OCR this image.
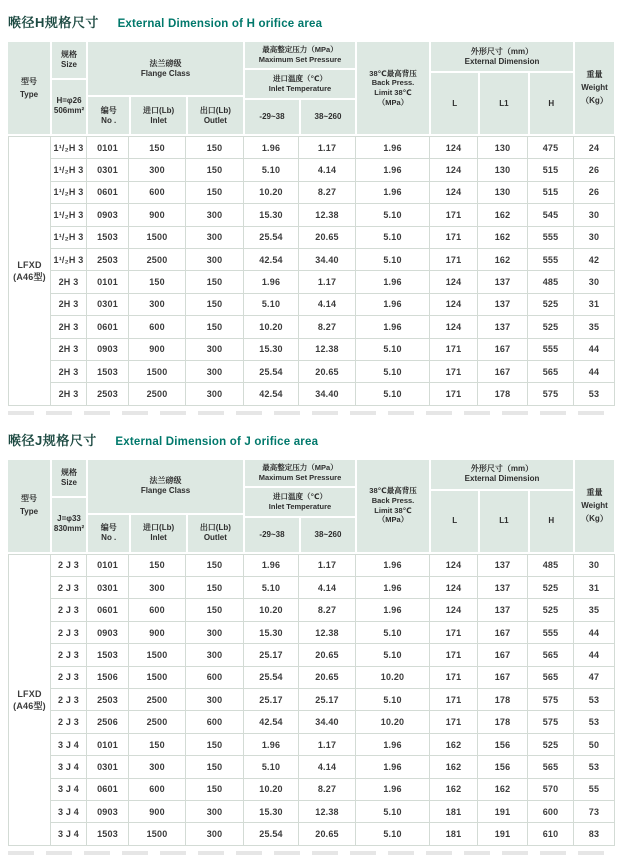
喉径H规格尺寸 External Dimension of H orifice area
型号
Type
规格
Size
H=φ26
506mm²
法兰磅级
Flange Class
编号
No .
进口(Lb)
Inlet
出口(Lb)
Outlet
最高整定压力（MPa）
Maximum Set Pressure
进口温度（℃）
Inlet Temperature
-29~38	38~260
38℃最高背压
Back Press.
Limit 38℃
（MPa）
外形尺寸（mm）
External Dimension
L	L1	H
重量
Weight
（Kg）
LFXD
(A46型)	1¹/₂H 3	0101	150	150	1.96	1.17	1.96	124	130	475	24
	1¹/₂H 3	0301	300	150	5.10	4.14	1.96	124	130	515	26
	1¹/₂H 3	0601	600	150	10.20	8.27	1.96	124	130	515	26
	1¹/₂H 3	0903	900	300	15.30	12.38	5.10	171	162	545	30
	1¹/₂H 3	1503	1500	300	25.54	20.65	5.10	171	162	555	30
	1¹/₂H 3	2503	2500	300	42.54	34.40	5.10	171	162	555	42
	2H 3	0101	150	150	1.96	1.17	1.96	124	137	485	30
	2H 3	0301	300	150	5.10	4.14	1.96	124	137	525	31
	2H 3	0601	600	150	10.20	8.27	1.96	124	137	525	35
	2H 3	0903	900	300	15.30	12.38	5.10	171	167	555	44
	2H 3	1503	1500	300	25.54	20.65	5.10	171	167	565	44
	2H 3	2503	2500	300	42.54	34.40	5.10	171	178	575	53
喉径J规格尺寸 External Dimension of J orifice area
型号
Type
规格
Size
J=φ33
830mm²
法兰磅级
Flange Class
编号
No .
进口(Lb)
Inlet
出口(Lb)
Outlet
最高整定压力（MPa）
Maximum Set Pressure
进口温度（℃）
Inlet Temperature
-29~38	38~260
38℃最高背压
Back Press.
Limit 38℃
（MPa）
外形尺寸（mm）
External Dimension
L	L1	H
重量
Weight
（Kg）
LFXD
(A46型)	2 J 3	0101	150	150	1.96	1.17	1.96	124	137	485	30
	2 J 3	0301	300	150	5.10	4.14	1.96	124	137	525	31
	2 J 3	0601	600	150	10.20	8.27	1.96	124	137	525	35
	2 J 3	0903	900	300	15.30	12.38	5.10	171	167	555	44
	2 J 3	1503	1500	300	25.17	20.65	5.10	171	167	565	44
	2 J 3	1506	1500	600	25.54	20.65	10.20	171	167	565	47
	2 J 3	2503	2500	300	25.17	25.17	5.10	171	178	575	53
	2 J 3	2506	2500	600	42.54	34.40	10.20	171	178	575	53
	3 J 4	0101	150	150	1.96	1.17	1.96	162	156	525	50
	3 J 4	0301	300	150	5.10	4.14	1.96	162	156	565	53
	3 J 4	0601	600	150	10.20	8.27	1.96	162	162	570	55
	3 J 4	0903	900	300	15.30	12.38	5.10	181	191	600	73
	3 J 4	1503	1500	300	25.54	20.65	5.10	181	191	610	83
